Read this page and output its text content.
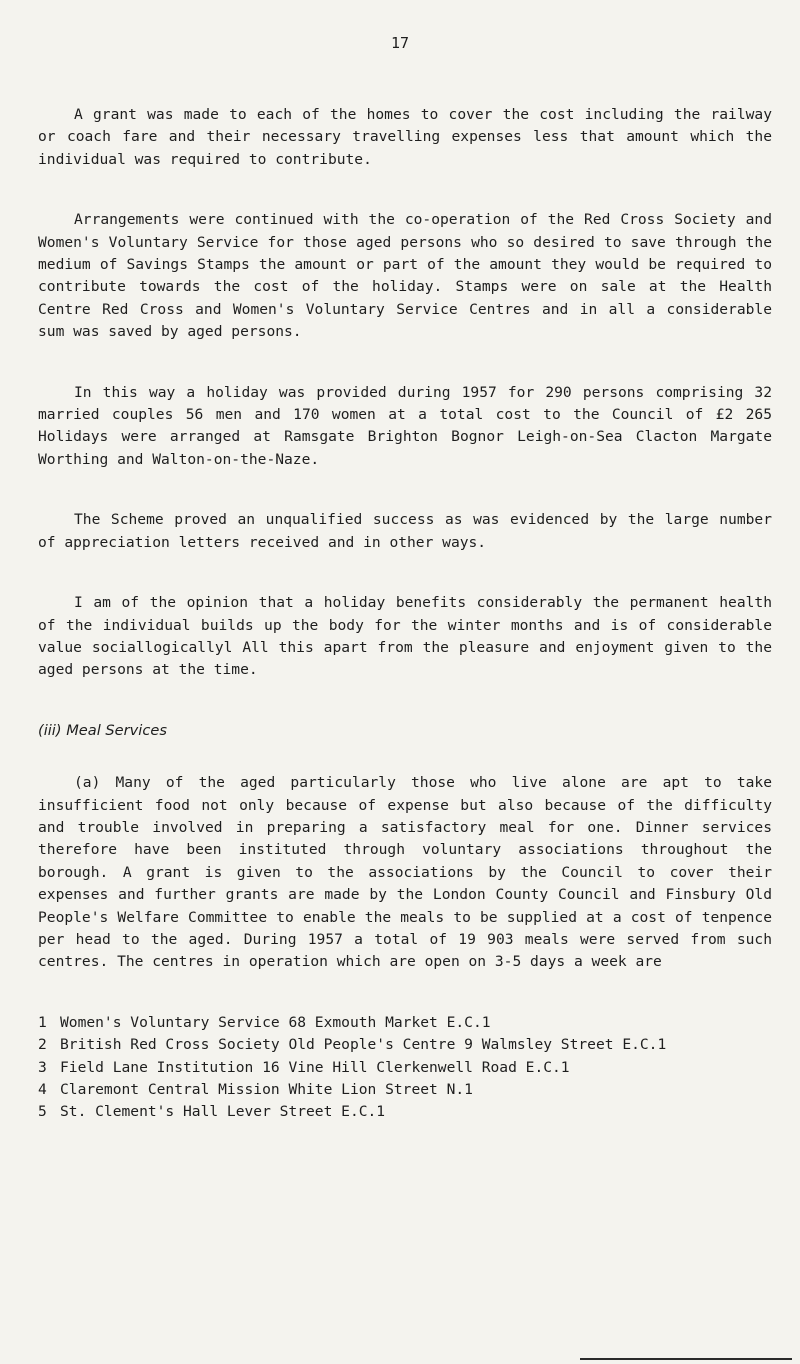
17

A grant was made to each of the homes to cover the cost including the railway or coach fare and their necessary travelling expenses less that amount which the individual was required to contribute.

Arrangements were continued with the co-operation of the Red Cross Society and Women's Voluntary Service for those aged persons who so desired to save through the medium of Savings Stamps the amount or part of the amount they would be required to contribute towards the cost of the holiday. Stamps were on sale at the Health Centre Red Cross and Women's Voluntary Service Centres and in all a considerable sum was saved by aged persons.

In this way a holiday was provided during 1957 for 290 persons comprising 32 married couples 56 men and 170 women at a total cost to the Council of £2 265 Holidays were arranged at Ramsgate Brighton Bognor Leigh-on-Sea Clacton Margate Worthing and Walton-on-the-Naze.

The Scheme proved an unqualified success as was evidenced by the large number of appreciation letters received and in other ways.

I am of the opinion that a holiday benefits considerably the permanent health of the individual builds up the body for the winter months and is of considerable value sociallogicallyl All this apart from the pleasure and enjoyment given to the aged persons at the time.

(iii) Meal Services

(a) Many of the aged particularly those who live alone are apt to take insufficient food not only because of expense but also because of the difficulty and trouble involved in preparing a satisfactory meal for one. Dinner services therefore have been instituted through voluntary associations throughout the borough. A grant is given to the associations by the Council to cover their expenses and further grants are made by the London County Council and Finsbury Old People's Welfare Committee to enable the meals to be supplied at a cost of tenpence per head to the aged. During 1957 a total of 19 903 meals were served from such centres. The centres in operation which are open on 3-5 days a week are

1 Women's Voluntary Service 68 Exmouth Market E.C.1
2 British Red Cross Society Old People's Centre 9 Walmsley Street E.C.1
3 Field Lane Institution 16 Vine Hill Clerkenwell Road E.C.1
4 Claremont Central Mission White Lion Street N.1
5 St. Clement's Hall Lever Street E.C.1
